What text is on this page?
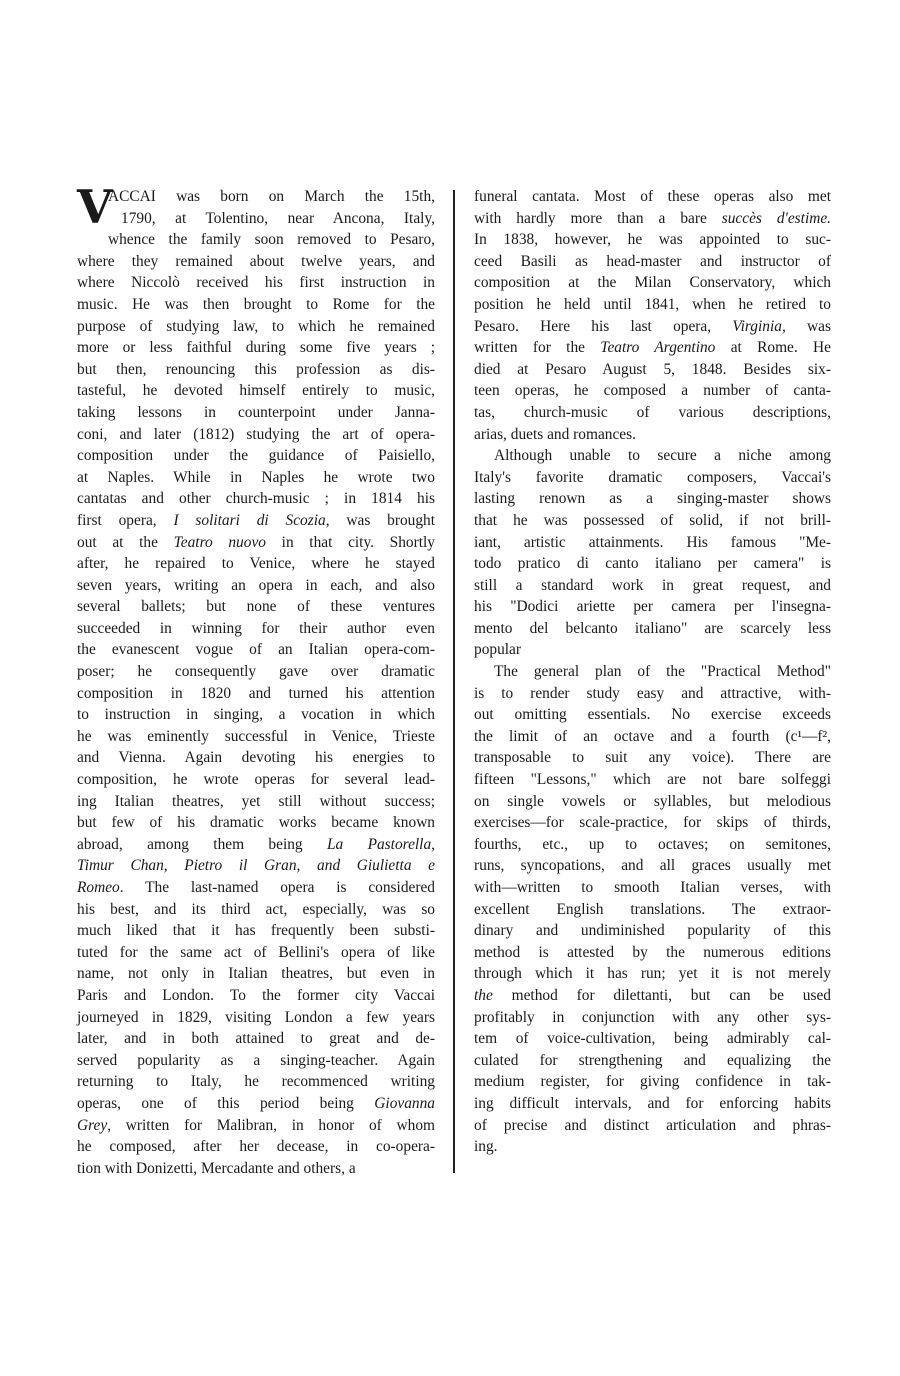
V ACCAI was born on March the 15th,
1790, at Tolentino, near Ancona, Italy,
whence the family soon removed to Pesaro,
where they remained about twelve years, and
where Niccolò received his first instruction in
music. He was then brought to Rome for the
purpose of studying law, to which he remained
more or less faithful during some five years ;
but then, renouncing this profession as dis-
tasteful, he devoted himself entirely to music,
taking lessons in counterpoint under Janna-
coni, and later (1812) studying the art of opera-
composition under the guidance of Paisiello,
at Naples. While in Naples he wrote two
cantatas and other church-music ; in 1814 his
first opera, I solitari di Scozia, was brought
out at the Teatro nuovo in that city. Shortly
after, he repaired to Venice, where he stayed
seven years, writing an opera in each, and also
several ballets; but none of these ventures
succeeded in winning for their author even
the evanescent vogue of an Italian opera-com-
poser; he consequently gave over dramatic
composition in 1820 and turned his attention
to instruction in singing, a vocation in which
he was eminently successful in Venice, Trieste
and Vienna. Again devoting his energies to
composition, he wrote operas for several lead-
ing Italian theatres, yet still without success;
but few of his dramatic works became known
abroad, among them being La Pastorella,
Timur Chan, Pietro il Gran, and Giulietta e
Romeo. The last-named opera is considered
his best, and its third act, especially, was so
much liked that it has frequently been substi-
tuted for the same act of Bellini's opera of like
name, not only in Italian theatres, but even in
Paris and London. To the former city Vaccai
journeyed in 1829, visiting London a few years
later, and in both attained to great and de-
served popularity as a singing-teacher. Again
returning to Italy, he recommenced writing
operas, one of this period being Giovanna
Grey, written for Malibran, in honor of whom
he composed, after her decease, in co-opera-
tion with Donizetti, Mercadante and others, a
funeral cantata. Most of these operas also met
with hardly more than a bare succès d'estime.
In 1838, however, he was appointed to suc-
ceed Basili as head-master and instructor of
composition at the Milan Conservatory, which
position he held until 1841, when he retired to
Pesaro. Here his last opera, Virginia, was
written for the Teatro Argentino at Rome. He
died at Pesaro August 5, 1848. Besides six-
teen operas, he composed a number of canta-
tas, church-music of various descriptions,
arias, duets and romances.
Although unable to secure a niche among
Italy's favorite dramatic composers, Vaccai's
lasting renown as a singing-master shows
that he was possessed of solid, if not brill-
iant, artistic attainments. His famous "Me-
todo pratico di canto italiano per camera" is
still a standard work in great request, and
his "Dodici ariette per camera per l'insegna-
mento del belcanto italiano" are scarcely less
popular
The general plan of the "Practical Method"
is to render study easy and attractive, with-
out omitting essentials. No exercise exceeds
the limit of an octave and a fourth (c¹—f²,
transposable to suit any voice). There are
fifteen "Lessons," which are not bare solfeggi
on single vowels or syllables, but melodious
exercises—for scale-practice, for skips of thirds,
fourths, etc., up to octaves; on semitones,
runs, syncopations, and all graces usually met
with—written to smooth Italian verses, with
excellent English translations. The extraor-
dinary and undiminished popularity of this
method is attested by the numerous editions
through which it has run; yet it is not merely
the method for dilettanti, but can be used
profitably in conjunction with any other sys-
tem of voice-cultivation, being admirably cal-
culated for strengthening and equalizing the
medium register, for giving confidence in tak-
ing difficult intervals, and for enforcing habits
of precise and distinct articulation and phras-
ing.
